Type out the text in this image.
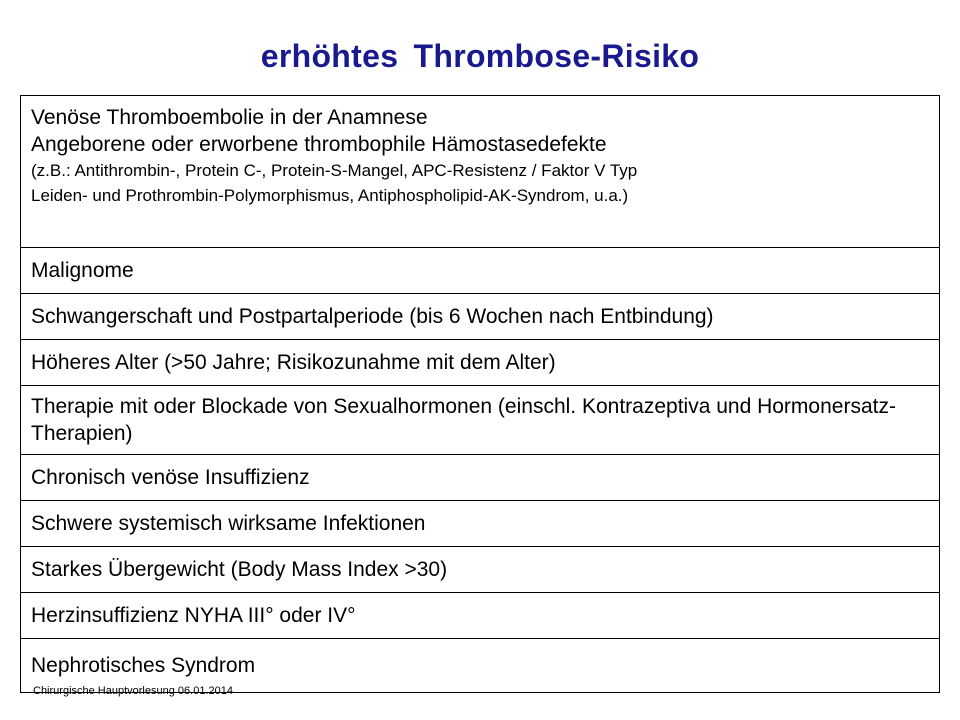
erhöhtes Thrombose-Risiko
Venöse Thromboembolie in der Anamnese
Angeborene oder erworbene thrombophile Hämostasedefekte
(z.B.: Antithrombin-, Protein C-, Protein-S-Mangel, APC-Resistenz / Faktor V Typ
Leiden- und Prothrombin-Polymorphismus, Antiphospholipid-AK-Syndrom, u.a.)

Malignome
Schwangerschaft und Postpartalperiode (bis 6 Wochen nach Entbindung)
Höheres Alter (>50 Jahre; Risikozunahme mit dem Alter)
Therapie mit oder Blockade von Sexualhormonen (einschl. Kontrazeptiva und Hormonersatz-Therapien)
Chronisch venöse Insuffizienz
Schwere systemisch wirksame Infektionen
Starkes Übergewicht (Body Mass Index >30)
Herzinsuffizienz NYHA III° oder IV°
Nephrotisches Syndrom
Chirurgische Hauptvorlesung 06.01.2014
